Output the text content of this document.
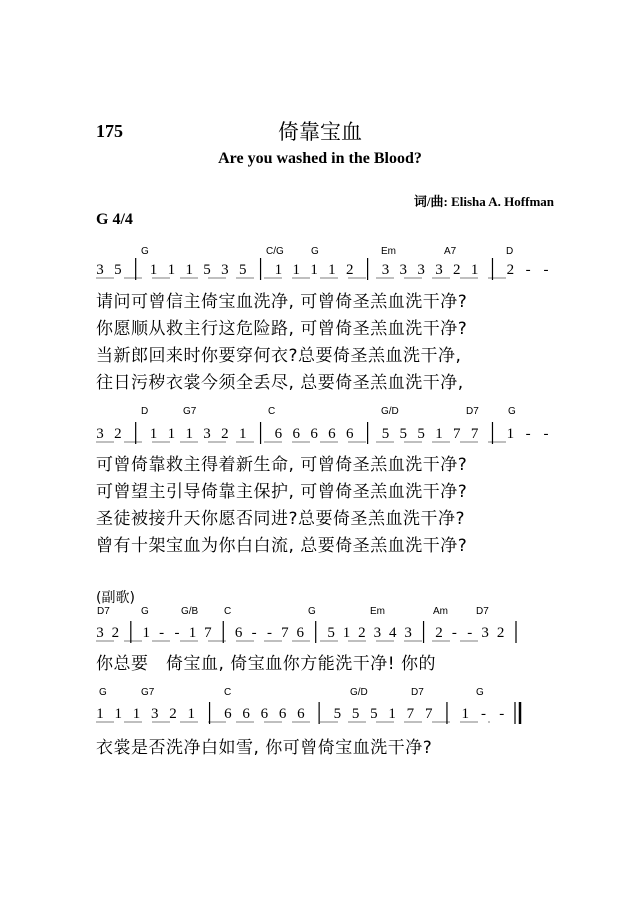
175	倚靠宝血
Are you washed in the Blood?
词/曲: Elisha A. Hoffman
G 4/4
G	C/G	G	Em	A7	D
请问可曾信主倚宝血洗净, 可曾倚圣羔血洗干净?
你愿顺从救主行这危险路, 可曾倚圣羔血洗干净?
当新郎回来时你要穿何衣?总要倚圣羔血洗干净,
往日污秽衣裳今须全丢尽, 总要倚圣羔血洗干净,
D	G7	C	G/D	D7	G
可曾倚靠救主得着新生命, 可曾倚圣羔血洗干净?
可曾望主引导倚靠主保护, 可曾倚圣羔血洗干净?
圣徒被接升天你愿否同进?总要倚圣羔血洗干净?
曾有十架宝血为你白白流, 总要倚圣羔血洗干净?
(副歌)
D7	G	G/B	C	G	Em	Am	D7
你总要　倚宝血, 倚宝血你方能洗干净! 你的
G	G7	C	G/D	D7	G
衣裳是否洗净白如雪, 你可曾倚宝血洗干净?
3 5 1 1 1 5 3 5 1 1 1 1 2 3 3 3 3 2 1 2 - -
3 2 1 1 1 3 2 1 6 6 6 6 6 5 5 5 1 7 7 1 - -
3 2 1 - - 1 7 6 - - 7 6 5 1 2 3 4 3 2 - - 3 2
1 1 1 3 2 1 6 6 6 6 6 5 5 5 1 7 7 1 - -
